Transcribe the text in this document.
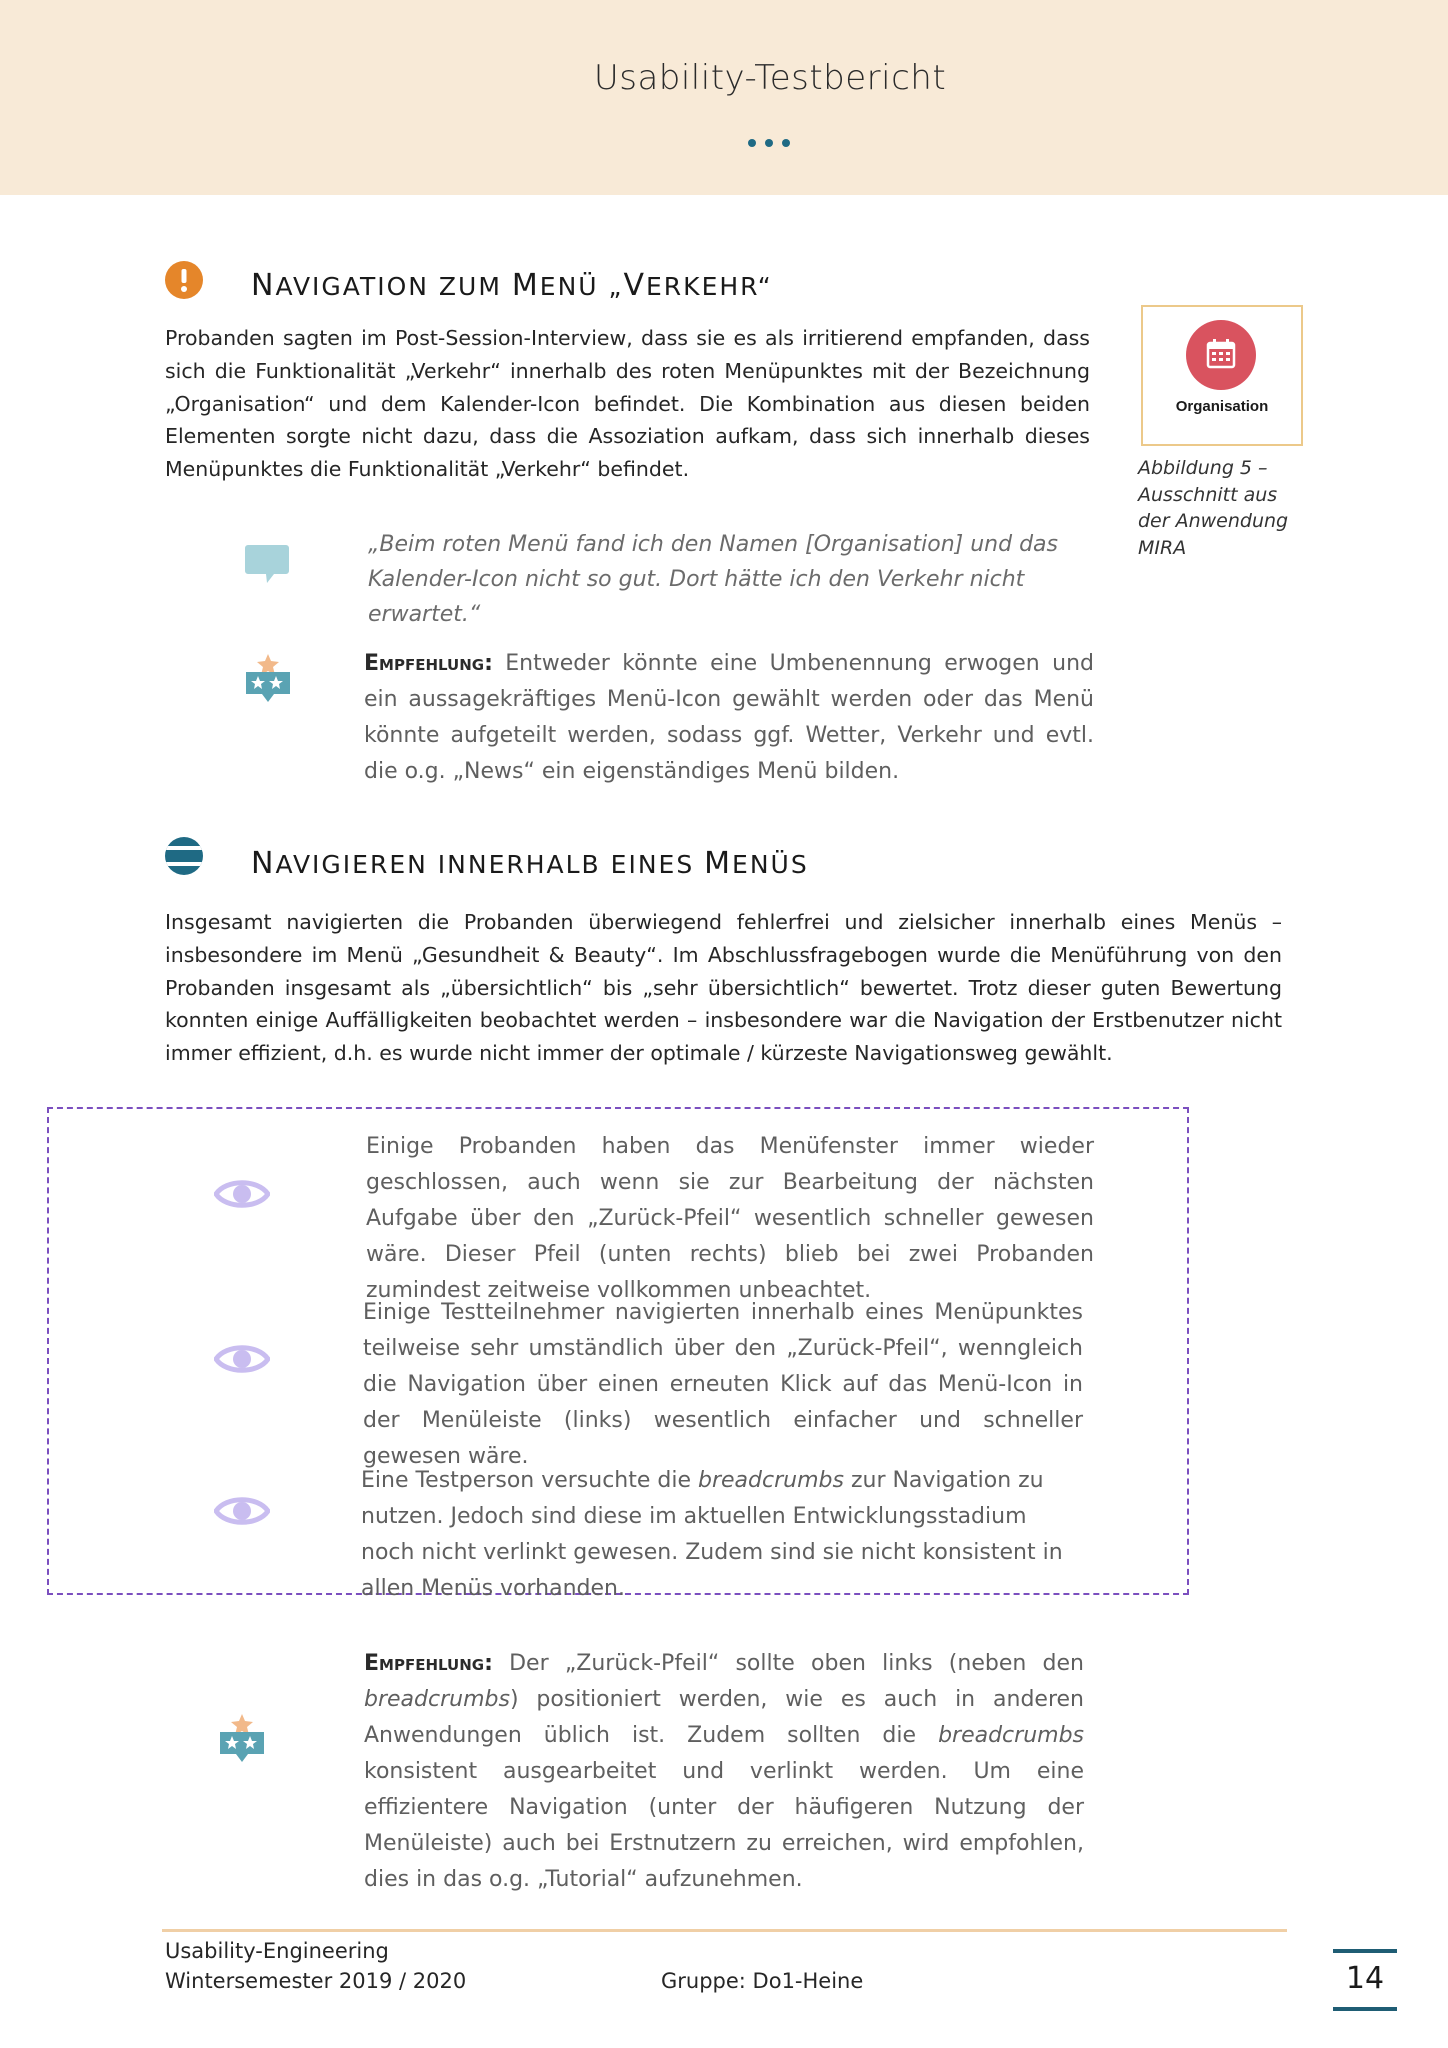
Usability-Testbericht
NAVIGATION ZUM MENÜ „VERKEHR“
Probanden sagten im Post-Session-Interview, dass sie es als irritierend empfanden, dass sich die Funktionalität „Verkehr“ innerhalb des roten Menüpunktes mit der Bezeichnung „Organisation“ und dem Kalender-Icon befindet. Die Kombination aus diesen beiden Elementen sorgte nicht dazu, dass die Assoziation aufkam, dass sich innerhalb dieses Menüpunktes die Funktionalität „Verkehr“ befindet.
Organisation
Abbildung 5 – Ausschnitt aus der Anwendung MIRA
„Beim roten Menü fand ich den Namen [Organisation] und das Kalender-Icon nicht so gut. Dort hätte ich den Verkehr nicht erwartet.“
Empfehlung: Entweder könnte eine Umbenennung erwogen und ein aussagekräftiges Menü-Icon gewählt werden oder das Menü könnte aufgeteilt werden, sodass ggf. Wetter, Verkehr und evtl. die o.g. „News“ ein eigenständiges Menü bilden.
NAVIGIEREN INNERHALB EINES MENÜS
Insgesamt navigierten die Probanden überwiegend fehlerfrei und zielsicher innerhalb eines Menüs – insbesondere im Menü „Gesundheit & Beauty“. Im Abschlussfragebogen wurde die Menüführung von den Probanden insgesamt als „übersichtlich“ bis „sehr übersichtlich“ bewertet. Trotz dieser guten Bewertung konnten einige Auffälligkeiten beobachtet werden – insbesondere war die Navigation der Erstbenutzer nicht immer effizient, d.h. es wurde nicht immer der optimale / kürzeste Navigationsweg gewählt.
Einige Probanden haben das Menüfenster immer wieder geschlossen, auch wenn sie zur Bearbeitung der nächsten Aufgabe über den „Zurück-Pfeil“ wesentlich schneller gewesen wäre. Dieser Pfeil (unten rechts) blieb bei zwei Probanden zumindest zeitweise vollkommen unbeachtet.
Einige Testteilnehmer navigierten innerhalb eines Menüpunktes teilweise sehr umständlich über den „Zurück-Pfeil“, wenngleich die Navigation über einen erneuten Klick auf das Menü-Icon in der Menüleiste (links) wesentlich einfacher und schneller gewesen wäre.
Eine Testperson versuchte die breadcrumbs zur Navigation zu nutzen. Jedoch sind diese im aktuellen Entwicklungsstadium noch nicht verlinkt gewesen. Zudem sind sie nicht konsistent in allen Menüs vorhanden.
Empfehlung: Der „Zurück-Pfeil“ sollte oben links (neben den breadcrumbs) positioniert werden, wie es auch in anderen Anwendungen üblich ist. Zudem sollten die breadcrumbs konsistent ausgearbeitet und verlinkt werden. Um eine effizientere Navigation (unter der häufigeren Nutzung der Menüleiste) auch bei Erstnutzern zu erreichen, wird empfohlen, dies in das o.g. „Tutorial“ aufzunehmen.
Usability-Engineering
Wintersemester 2019 / 2020	Gruppe: Do1-Heine	14
